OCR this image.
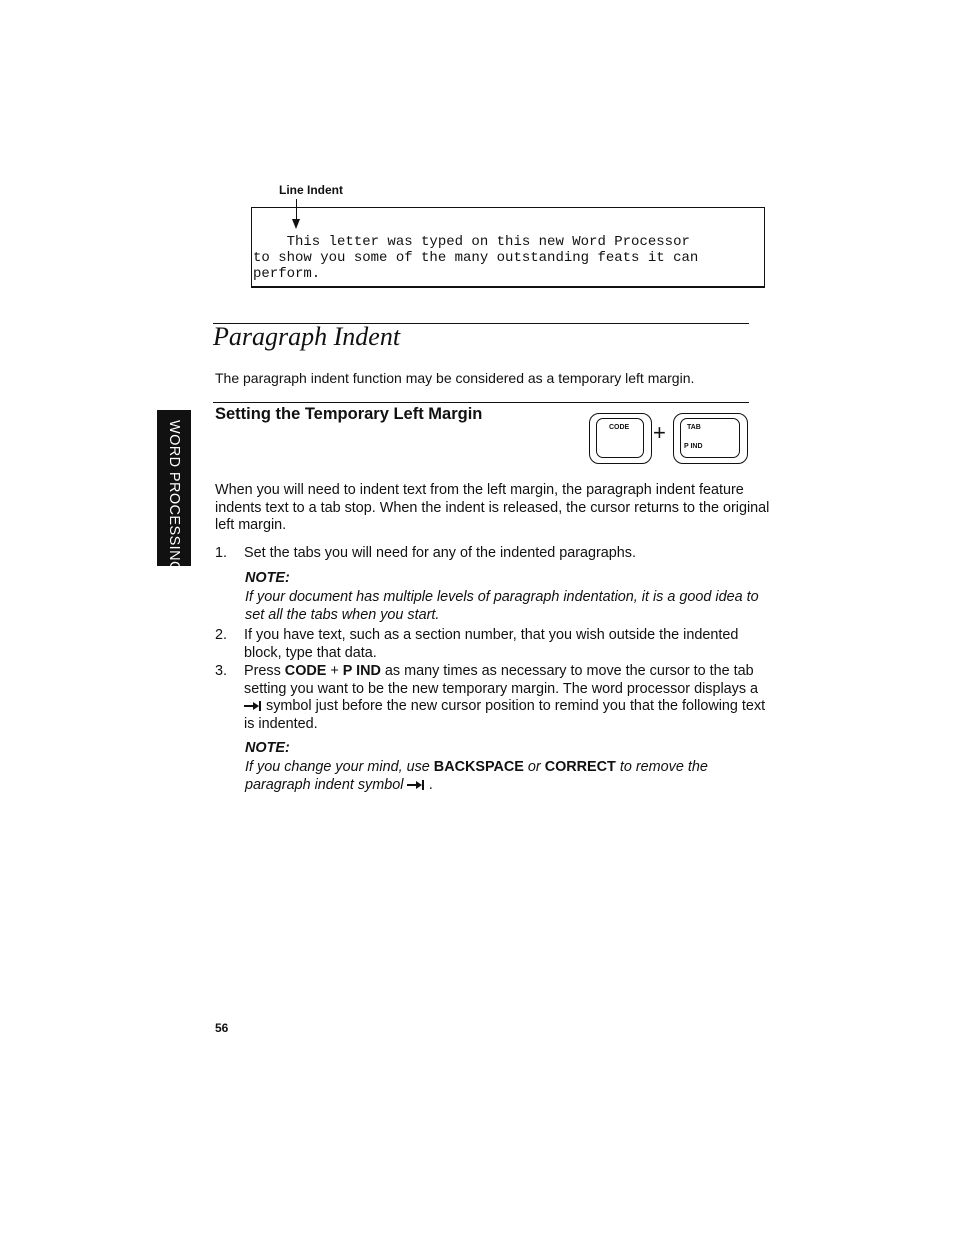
Line Indent
This letter was typed on this new Word Processor
to show you some of the many outstanding feats it can
perform.
Paragraph Indent
The paragraph indent function may be considered as a temporary left margin.
Setting the Temporary Left Margin
CODE +	TAB
P IND
WORD PROCESSING When you will need to indent text from the left margin, the paragraph indent feature indents text to a tab stop. When the indent is released, the cursor returns to the original left margin.
1. Set the tabs you will need for any of the indented paragraphs.
NOTE:
If your document has multiple levels of paragraph indentation, it is a good idea to set all the tabs when you start.
2. If you have text, such as a section number, that you wish outside the indented block, type that data.
3. Press CODE + P IND as many times as necessary to move the cursor to the tab setting you want to be the new temporary margin. The word processor displays a
symbol just before the new cursor position to remind you that the following text is indented.
NOTE:
If you change your mind, use BACKSPACE or CORRECT to remove the paragraph indent symbol
.
56
